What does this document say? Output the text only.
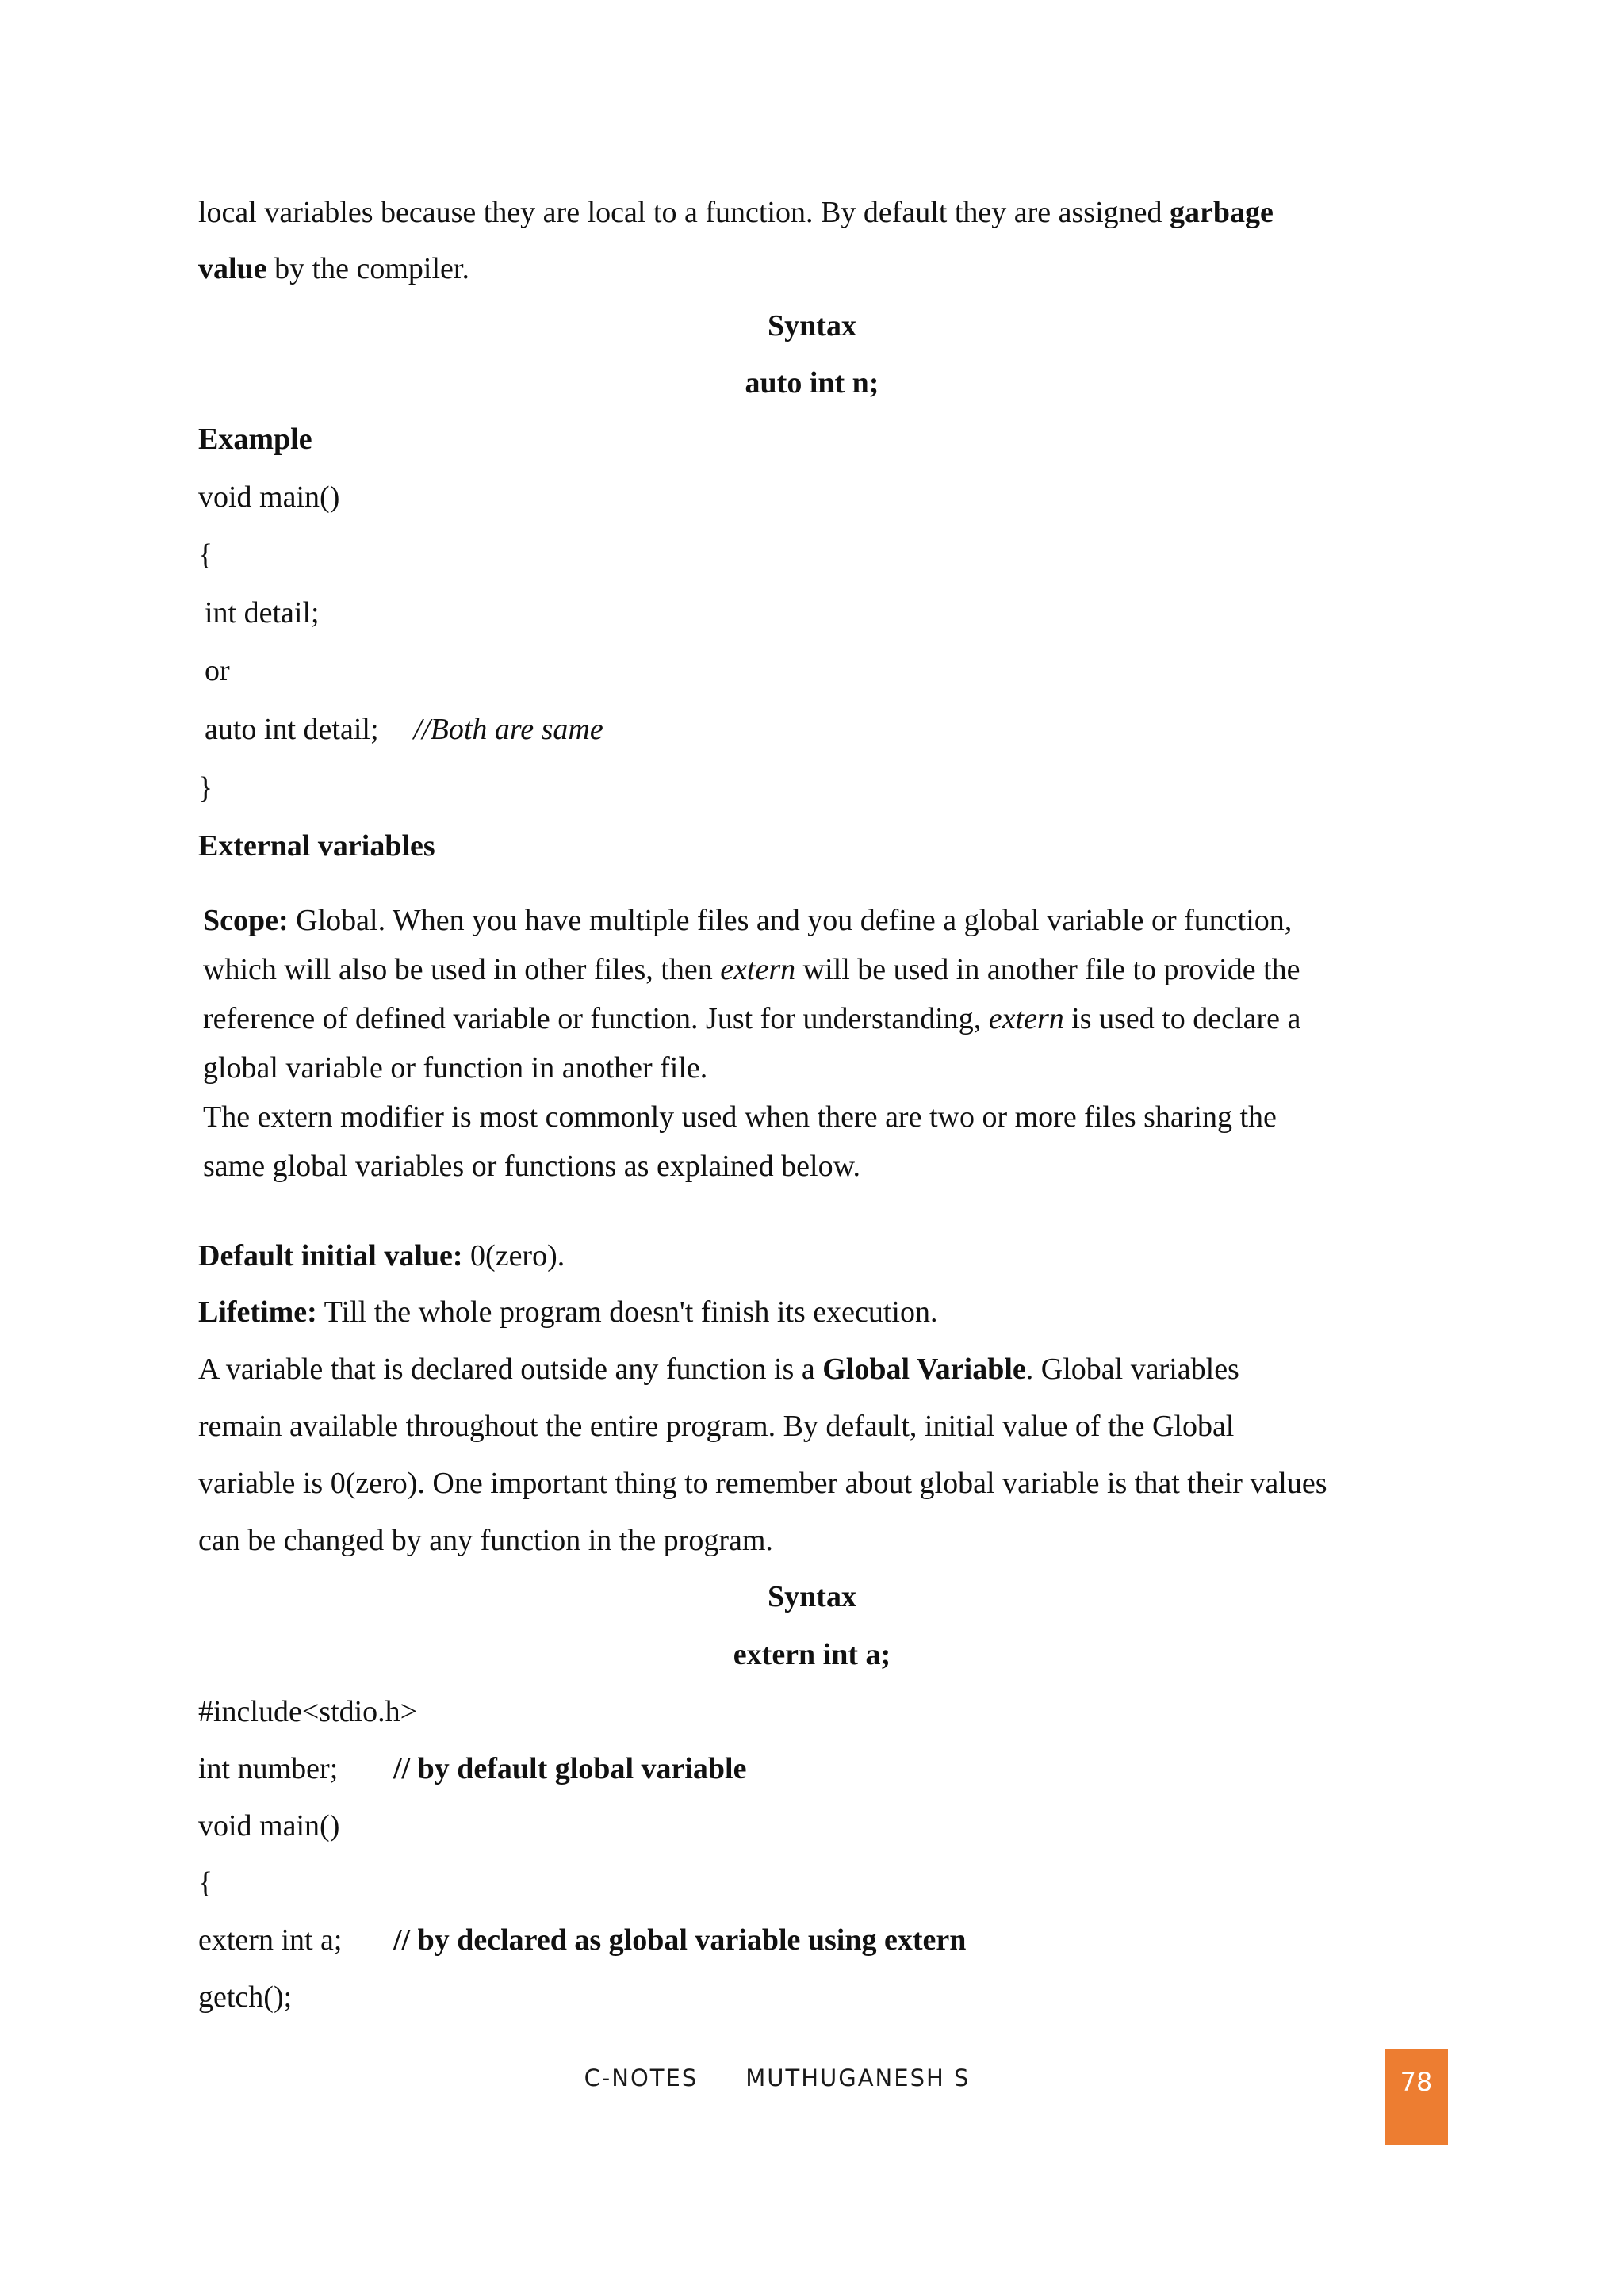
local variables because they are local to a function. By default they are assigned garbage

value by the compiler.

Syntax

auto int n;

Example

void main()

{

int detail;

or

auto int detail; //Both are same

}

External variables

Scope: Global. When you have multiple files and you define a global variable or function,

which will also be used in other files, then extern will be used in another file to provide the

reference of defined variable or function. Just for understanding, extern is used to declare a

global variable or function in another file.

The extern modifier is most commonly used when there are two or more files sharing the

same global variables or functions as explained below.

Default initial value: 0(zero).

Lifetime: Till the whole program doesn't finish its execution.

A variable that is declared outside any function is a Global Variable. Global variables

remain available throughout the entire program. By default, initial value of the Global

variable is 0(zero). One important thing to remember about global variable is that their values

can be changed by any function in the program.

Syntax

extern int a;

#include<stdio.h>

int number; // by default global variable

void main()

{

extern int a; // by declared as global variable using extern

getch();

C-NOTES MUTHUGANESH S	78
